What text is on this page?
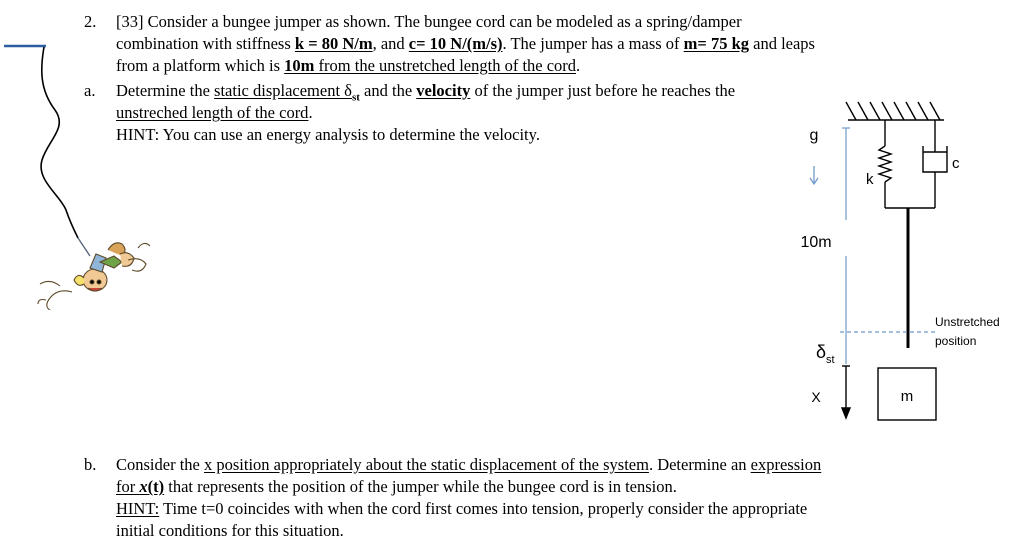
2. [33] Consider a bungee jumper as shown. The bungee cord can be modeled as a spring/damper
combination with stiffness k = 80 N/m, and c= 10 N/(m/s). The jumper has a mass of m= 75 kg and leaps
from a platform which is 10m from the unstretched length of the cord.
a. Determine the static displacement $\delta_{st}$ and the velocity of the jumper just before he reaches the
unstreched length of the cord.
HINT: You can use an energy analysis to determine the velocity.
b. Consider the x position appropriately about the static displacement of the system. Determine an expression
for x(t) that represents the position of the jumper while the bungee cord is in tension.
HINT: Time t=0 coincides with when the cord first comes into tension, properly consider the appropriate
initial conditions for this situation.
m
k
c
g
10m
Unstretched
position
$\delta_{st}$
X
